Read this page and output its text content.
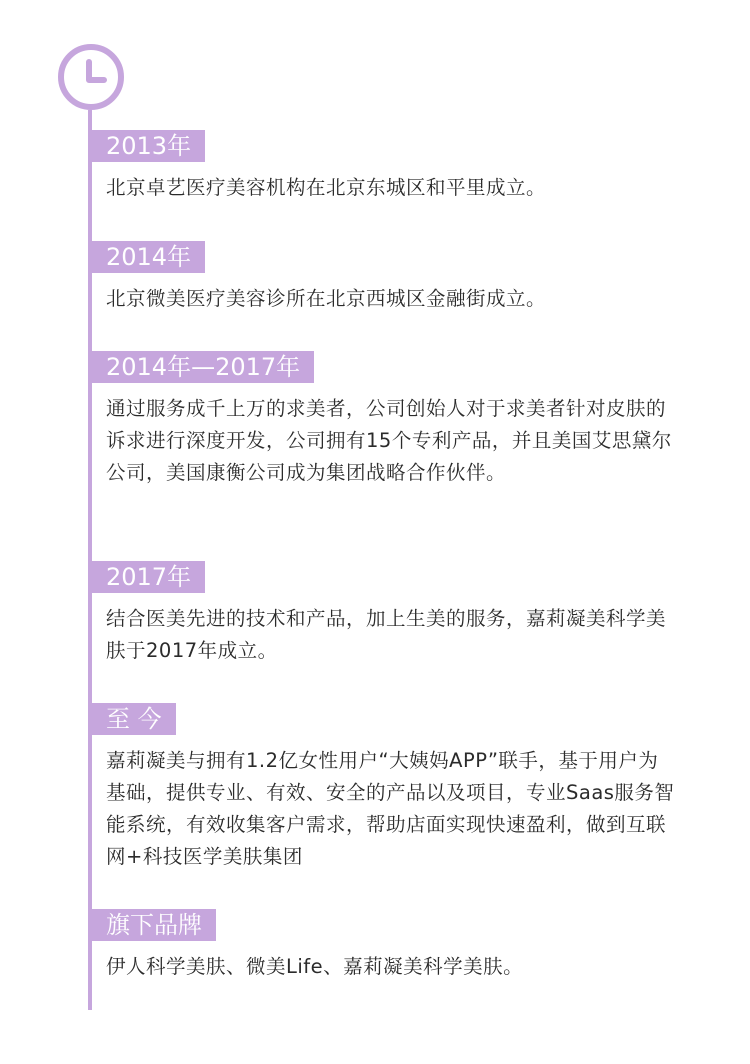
2013年
北京卓艺医疗美容机构在北京东城区和平里成立。
2014年
北京微美医疗美容诊所在北京西城区金融街成立。
2014年—2017年
通过服务成千上万的求美者，公司创始人对于求美者针对皮肤的诉求进行深度开发，公司拥有15个专利产品，并且美国艾思黛尔公司，美国康衡公司成为集团战略合作伙伴。
2017年
结合医美先进的技术和产品，加上生美的服务，嘉莉凝美科学美肤于2017年成立。
至 今
嘉莉凝美与拥有1.2亿女性用户“大姨妈APP”联手，基于用户为基础，提供专业、有效、安全的产品以及项目，专业Saas服务智能系统，有效收集客户需求，帮助店面实现快速盈利，做到互联网+科技医学美肤集团
旗下品牌
伊人科学美肤、微美Life、嘉莉凝美科学美肤。
